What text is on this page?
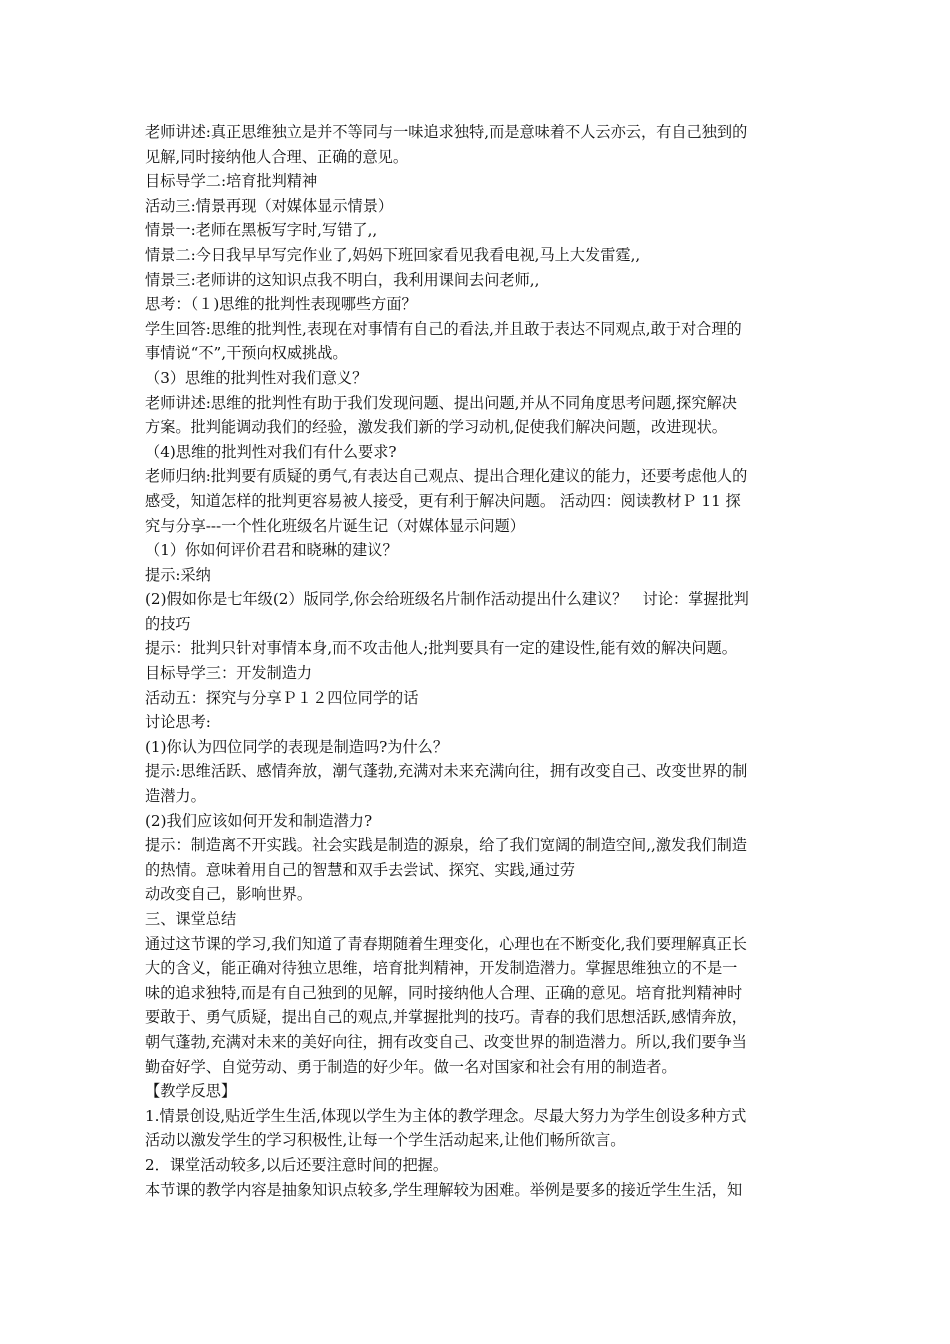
老师讲述:真正思维独立是并不等同与一味追求独特,而是意味着不人云亦云，有自己独到的
见解,同时接纳他人合理、正确的意见。
目标导学二:培育批判精神
活动三:情景再现（对媒体显示情景）
情景一:老师在黑板写字时,写错了,,
情景二:今日我早早写完作业了,妈妈下班回家看见我看电视,马上大发雷霆,,
情景三:老师讲的这知识点我不明白，我利用课间去问老师,,
思考：（１)思维的批判性表现哪些方面？
学生回答:思维的批判性,表现在对事情有自己的看法,并且敢于表达不同观点,敢于对合理的
事情说“不”,干预向权威挑战。
（3）思维的批判性对我们意义？
老师讲述:思维的批判性有助于我们发现问题、提出问题,并从不同角度思考问题,探究解决
方案。批判能调动我们的经验，激发我们新的学习动机,促使我们解决问题，改进现状。
（4)思维的批判性对我们有什么要求?
老师归纳:批判要有质疑的勇气,有表达自己观点、提出合理化建议的能力，还要考虑他人的
感受，知道怎样的批判更容易被人接受，更有利于解决问题。 活动四：阅读教材Ｐ 11 探
究与分享---一个性化班级名片诞生记（对媒体显示问题）
（1）你如何评价君君和晓琳的建议？
提示:采纳
(2)假如你是七年级(2）版同学,你会给班级名片制作活动提出什么建议？　讨论：掌握批判
的技巧
提示：批判只针对事情本身,而不攻击他人;批判要具有一定的建设性,能有效的解决问题。
目标导学三：开发制造力
活动五：探究与分享Ｐ１２四位同学的话
讨论思考:
(1)你认为四位同学的表现是制造吗?为什么？
提示:思维活跃、感情奔放，潮气蓬勃,充满对未来充满向往，拥有改变自己、改变世界的制
造潜力。
(2)我们应该如何开发和制造潜力?
提示：制造离不开实践。社会实践是制造的源泉，给了我们宽阔的制造空间,,激发我们制造
的热情。意味着用自己的智慧和双手去尝试、探究、实践,通过劳
动改变自己，影响世界。
三、课堂总结
通过这节课的学习,我们知道了青春期随着生理变化，心理也在不断变化,我们要理解真正长
大的含义，能正确对待独立思维，培育批判精神，开发制造潜力。掌握思维独立的不是一
味的追求独特,而是有自己独到的见解，同时接纳他人合理、正确的意见。培育批判精神时
要敢于、勇气质疑，提出自己的观点,并掌握批判的技巧。青春的我们思想活跃,感情奔放，
朝气蓬勃,充满对未来的美好向往，拥有改变自己、改变世界的制造潜力。所以,我们要争当
勤奋好学、自觉劳动、勇于制造的好少年。做一名对国家和社会有用的制造者。
【教学反思】
1.情景创设,贴近学生生活,体现以学生为主体的教学理念。尽最大努力为学生创设多种方式
活动以激发学生的学习积极性,让每一个学生活动起来,让他们畅所欲言。
2．课堂活动较多,以后还要注意时间的把握。
本节课的教学内容是抽象知识点较多,学生理解较为困难。举例是要多的接近学生生活，知
